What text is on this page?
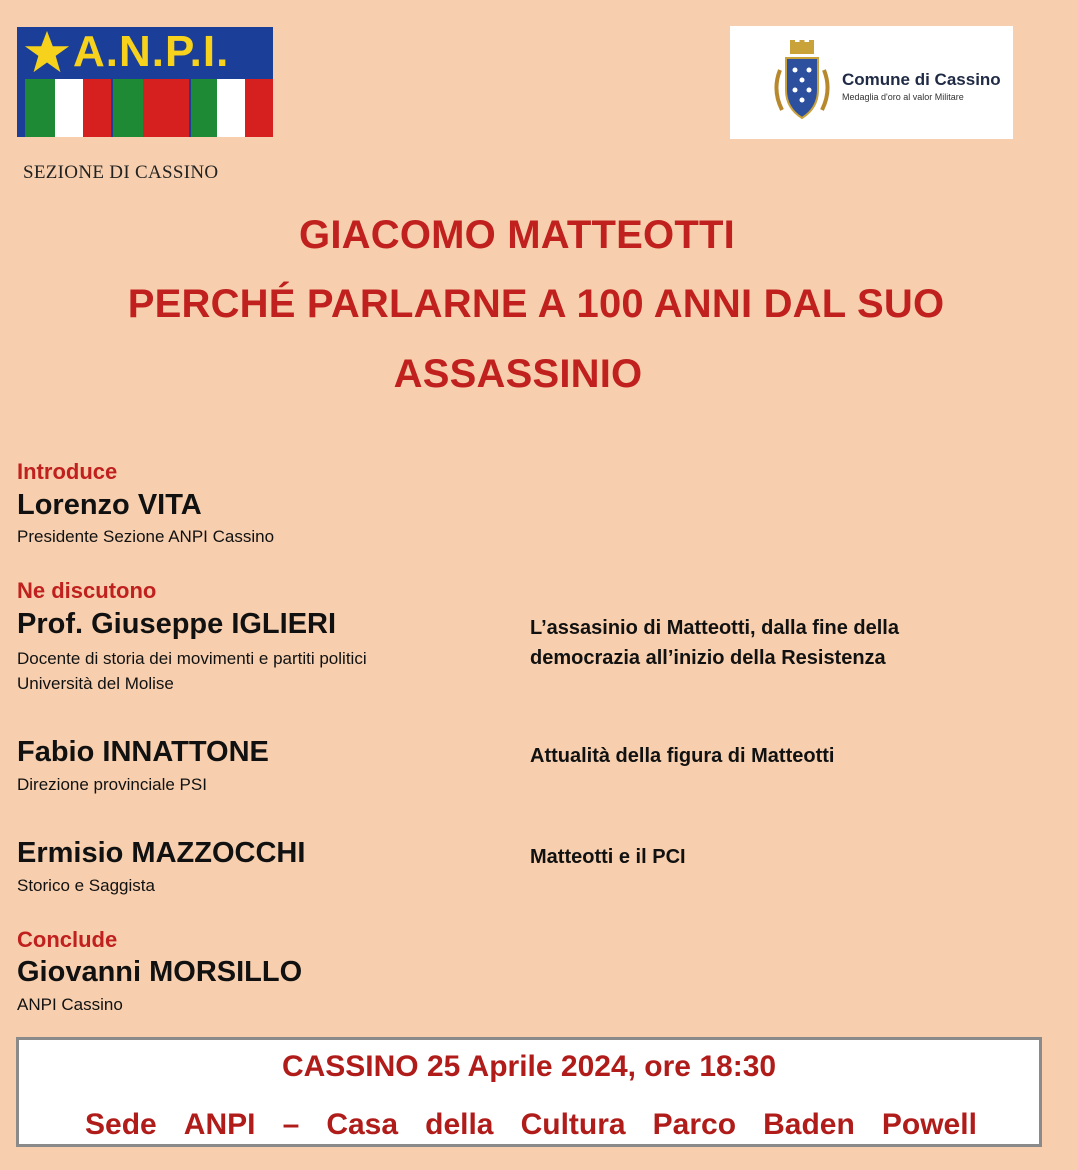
A.N.P.I.
SEZIONE DI CASSINO
Comune di Cassino
Medaglia d'oro al valor Militare
GIACOMO MATTEOTTI
PERCHÉ PARLARNE A 100 ANNI DAL SUO
ASSASSINIO
Introduce
Lorenzo VITA
Presidente Sezione ANPI Cassino
Ne discutono
Prof. Giuseppe IGLIERI
Docente di storia dei movimenti e partiti politici
Università del Molise
L’assasinio di Matteotti, dalla fine della
democrazia all’inizio della Resistenza
Fabio INNATTONE
Direzione provinciale PSI
Attualità della figura di Matteotti
Ermisio MAZZOCCHI
Storico e Saggista
Matteotti e il PCI
Conclude
Giovanni MORSILLO
ANPI Cassino
CASSINO 25 Aprile 2024, ore 18:30
Sede ANPI – Casa della Cultura Parco Baden Powell
